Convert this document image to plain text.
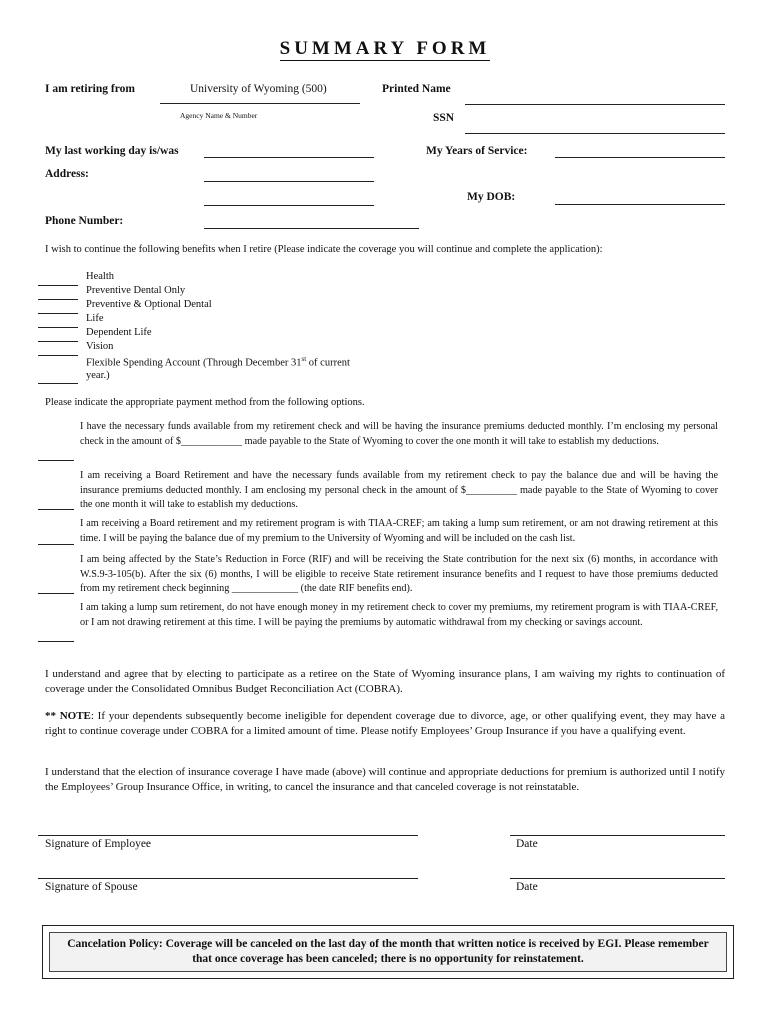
SUMMARY FORM
I am retiring from	University of Wyoming (500)
Agency Name & Number
Printed Name
SSN
My last working day is/was	My Years of Service:
Address:
My DOB:
Phone Number:
I wish to continue the following benefits when I retire (Please indicate the coverage you will continue and complete the application):
Health
Preventive Dental Only
Preventive & Optional Dental
Life
Dependent Life
Vision
Flexible Spending Account (Through December 31st of current
year.)
Please indicate the appropriate payment method from the following options.
I have the necessary funds available from my retirement check and will be having the insurance premiums deducted monthly. I’m enclosing my personal check in the amount of $____________ made payable to the State of Wyoming to cover the one month it will take to establish my deductions.
I am receiving a Board Retirement and have the necessary funds available from my retirement check to pay the balance due and will be having the insurance premiums deducted monthly. I am enclosing my personal check in the amount of $__________ made payable to the State of Wyoming to cover the one month it will take to establish my deductions.
I am receiving a Board retirement and my retirement program is with TIAA-CREF; am taking a lump sum retirement, or am not drawing retirement at this time. I will be paying the balance due of my premium to the University of Wyoming and will be included on the cash list.
I am being affected by the State’s Reduction in Force (RIF) and will be receiving the State contribution for the next six (6) months, in accordance with W.S.9-3-105(b). After the six (6) months, I will be eligible to receive State retirement insurance benefits and I request to have those premiums deducted from my retirement check beginning _____________ (the date RIF benefits end).
I am taking a lump sum retirement, do not have enough money in my retirement check to cover my premiums, my retirement program is with TIAA-CREF, or I am not drawing retirement at this time. I will be paying the premiums by automatic withdrawal from my checking or savings account.
I understand and agree that by electing to participate as a retiree on the State of Wyoming insurance plans, I am waiving my rights to continuation of coverage under the Consolidated Omnibus Budget Reconciliation Act (COBRA).
** NOTE: If your dependents subsequently become ineligible for dependent coverage due to divorce, age, or other qualifying event, they may have a right to continue coverage under COBRA for a limited amount of time. Please notify Employees’ Group Insurance if you have a qualifying event.
I understand that the election of insurance coverage I have made (above) will continue and appropriate deductions for premium is authorized until I notify the Employees’ Group Insurance Office, in writing, to cancel the insurance and that canceled coverage is not reinstatable.
Signature of Employee	Date
Signature of Spouse	Date
Cancelation Policy: Coverage will be canceled on the last day of the month that written notice is received by EGI. Please remember that once coverage has been canceled; there is no opportunity for reinstatement.
